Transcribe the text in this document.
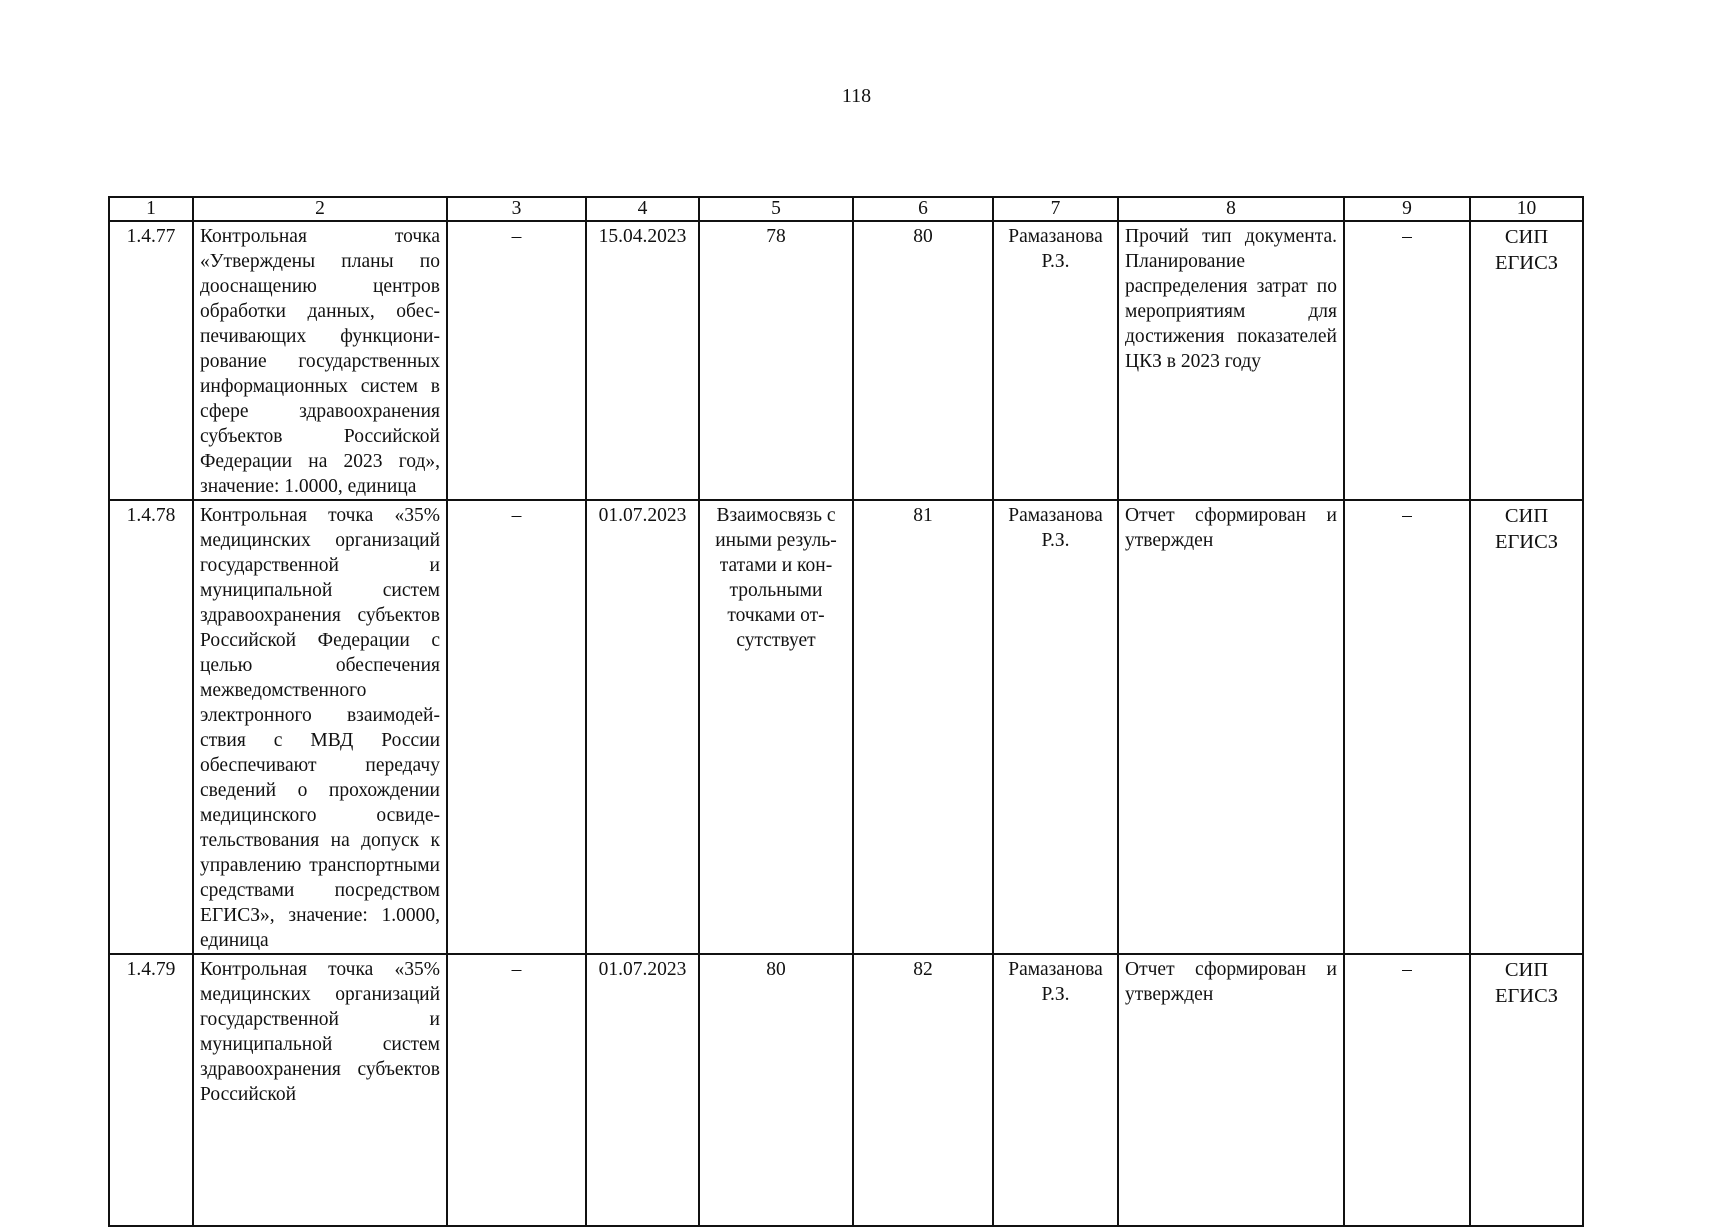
118
1	2	3	4	5	6	7	8	9	10
1.4.77	Контрольная точка «Утверждены планы по дооснащению центров обработки данных, обеспечивающих функционирование государственных информационных систем в сфере здравоохранения субъектов Российской Федерации на 2023 год», значение: 1.0000, единица	–	15.04.2023	78	80	Рамазанова Р.З.	Прочий тип документа. Планирование распределения затрат по мероприятиям для достижения показателей ЦКЗ в 2023 году	–	СИП ЕГИСЗ
1.4.78	Контрольная точка «35% медицинских организаций государственной и муниципальной систем здравоохранения субъектов Российской Федерации с целью обеспечения межведомственного электронного взаимодействия с МВД России обеспечивают передачу сведений о прохождении медицинского освидетельствования на допуск к управлению транспортными средствами посредством ЕГИСЗ», значение: 1.0000, единица	–	01.07.2023	Взаимосвязь с иными результатами и контрольными точками отсутствует	81	Рамазанова Р.З.	Отчет сформирован и утвержден	–	СИП ЕГИСЗ
1.4.79	Контрольная точка «35% медицинских организаций государственной и муниципальной систем здравоохранения субъектов Российской	–	01.07.2023	80	82	Рамазанова Р.З.	Отчет сформирован и утвержден	–	СИП ЕГИСЗ
